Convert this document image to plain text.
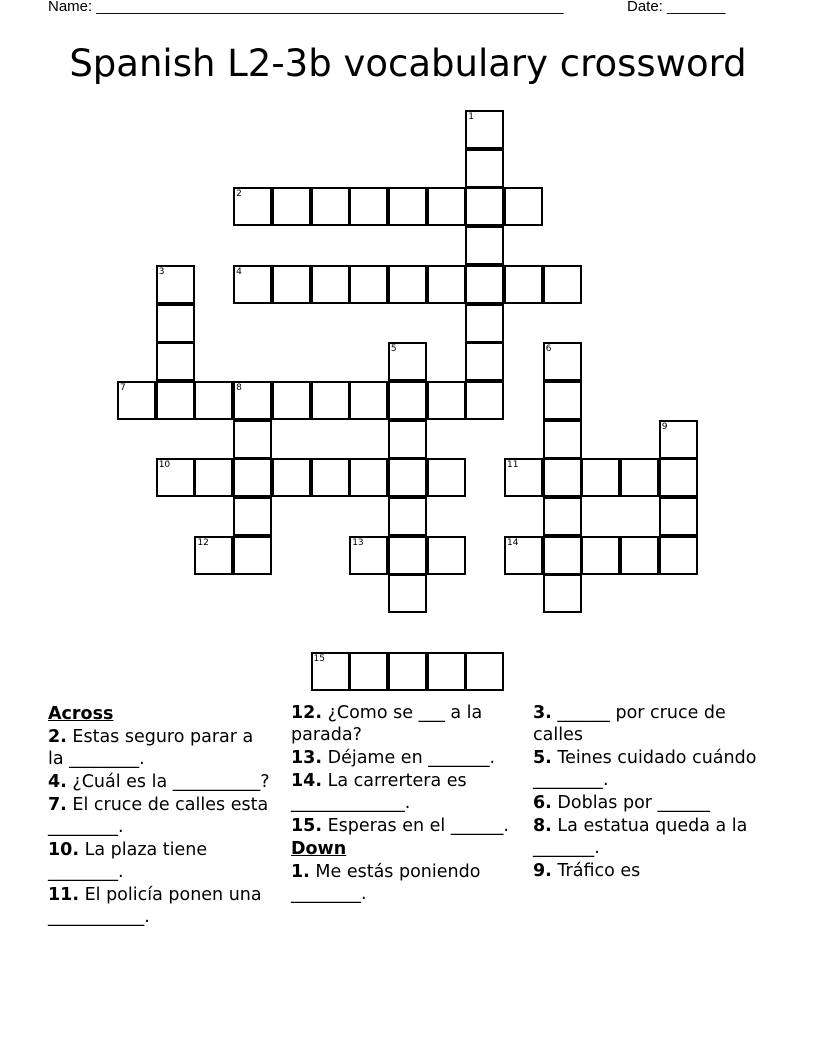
Name: ________________________________________________________	Date: _______
Spanish L2-3b vocabulary crossword
2
4
7	8
10	11
12	13	14
15
1
3
5	6
9
Across
2. Estas seguro parar a la ________.
4. ¿Cuál es la __________?
7. El cruce de calles esta ________.
10. La plaza tiene ________.
11. El policía ponen una ___________.
12. ¿Como se ___ a la parada?
13. Déjame en _______.
14. La carrertera es _____________.
15. Esperas en el ______.
Down
1. Me estás poniendo ________.
3. ______ por cruce de calles
5. Teines cuidado cuándo ________.
6. Doblas por ______
8. La estatua queda a la _______.
9. Tráfico es
